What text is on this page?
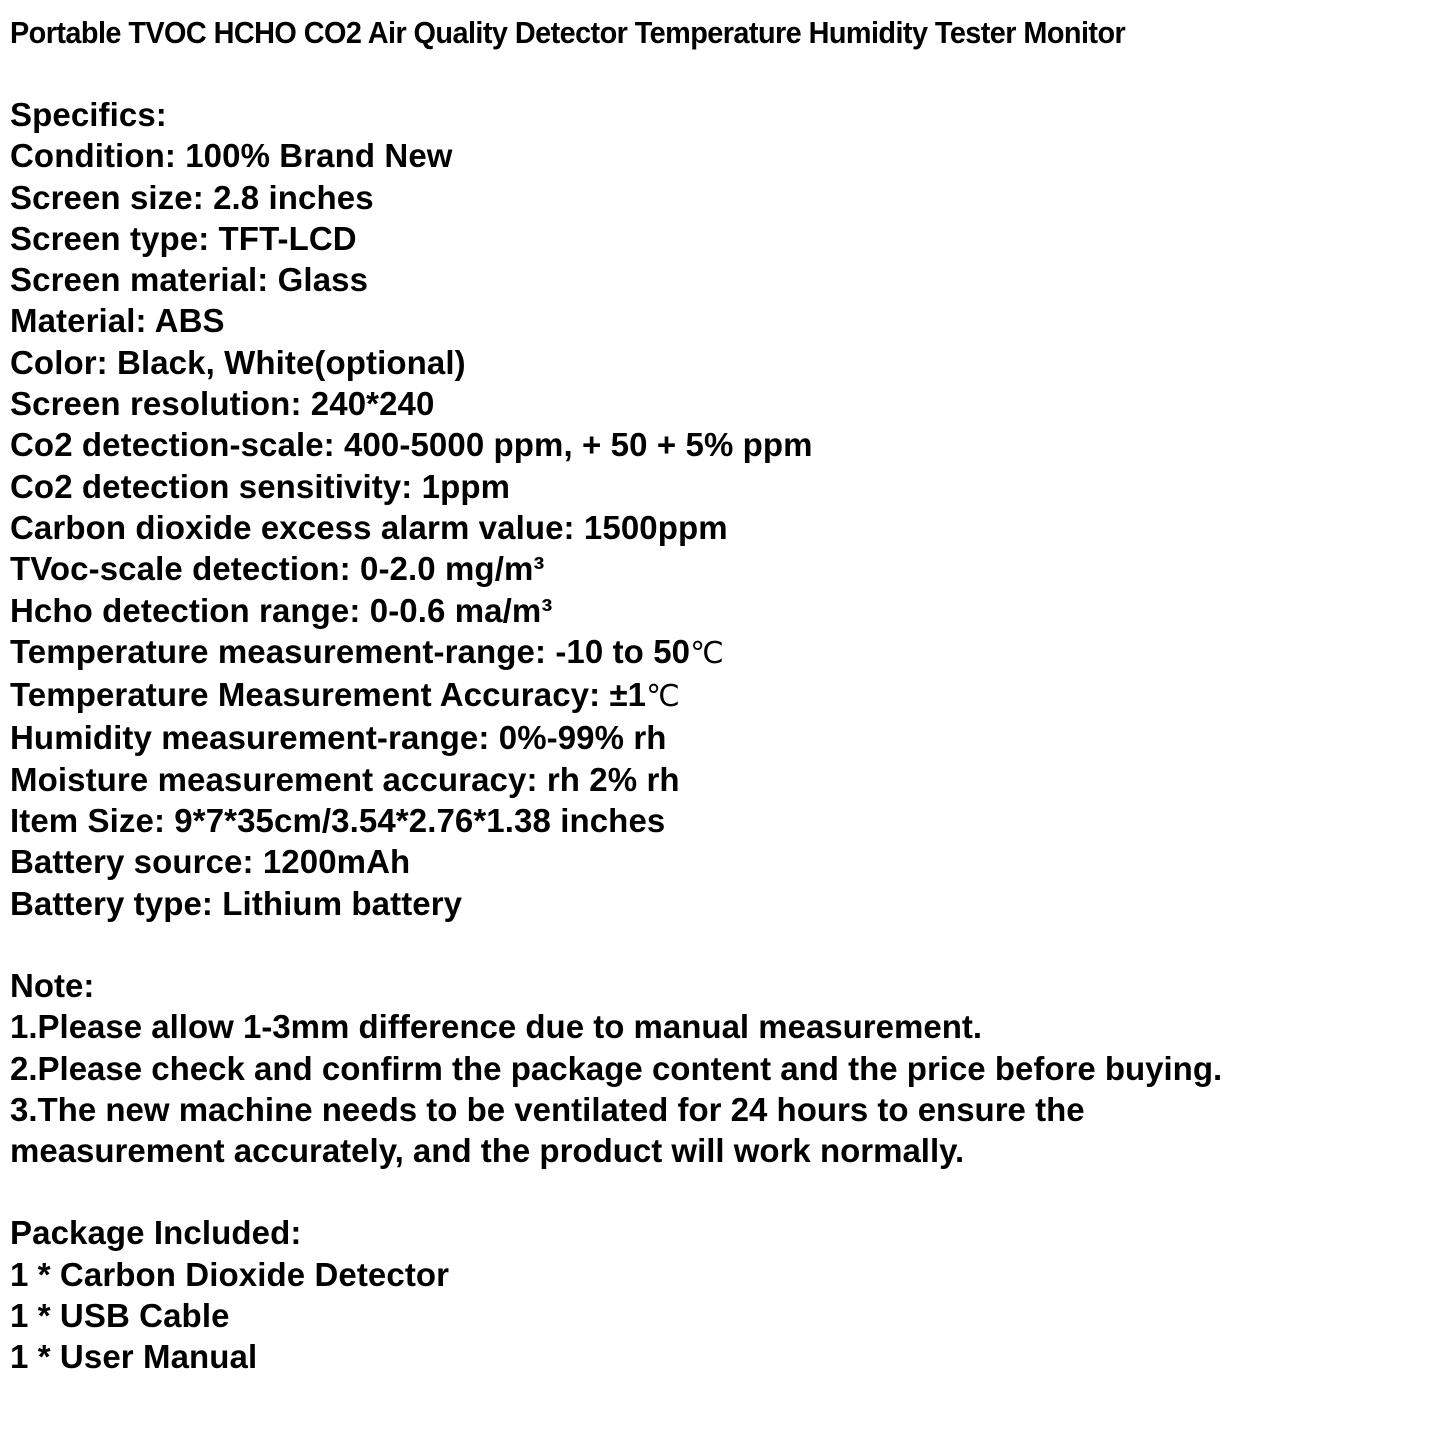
Portable TVOC HCHO CO2 Air Quality Detector Temperature Humidity Tester Monitor
Specifics:
Condition: 100% Brand New
Screen size: 2.8 inches
Screen type: TFT-LCD
Screen material: Glass
Material: ABS
Color: Black, White(optional)
Screen resolution: 240*240
Co2 detection-scale: 400-5000 ppm, + 50 + 5% ppm
Co2 detection sensitivity: 1ppm
Carbon dioxide excess alarm value: 1500ppm
TVoc-scale detection: 0-2.0 mg/m³
Hcho detection range: 0-0.6 ma/m³
Temperature measurement-range: -10 to 50℃
Temperature Measurement Accuracy: ±1℃
Humidity measurement-range: 0%-99% rh
Moisture measurement accuracy: rh 2% rh
Item Size: 9*7*35cm/3.54*2.76*1.38 inches
Battery source: 1200mAh
Battery type: Lithium battery
Note:
1.Please allow 1-3mm difference due to manual measurement.
2.Please check and confirm the package content and the price before buying.
3.The new machine needs to be ventilated for 24 hours to ensure the
measurement accurately, and the product will work normally.
Package Included:
1 * Carbon Dioxide Detector
1 * USB Cable
1 * User Manual
